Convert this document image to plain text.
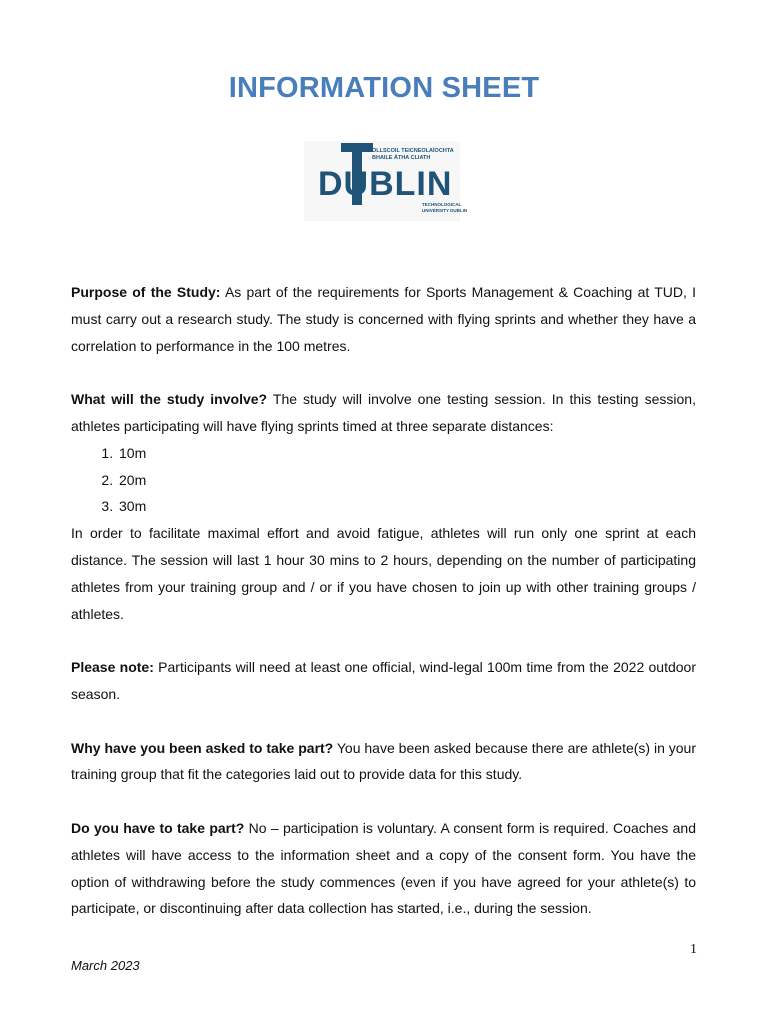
INFORMATION SHEET
OLLSCOIL TEICNEOLAÍOCHTA
BHAILE ÁTHA CLIATH
DUBLIN
TECHNOLOGICAL
UNIVERSITY DUBLIN

Purpose of the Study: As part of the requirements for Sports Management & Coaching at TUD, I must carry out a research study. The study is concerned with flying sprints and whether they have a correlation to performance in the 100 metres.

What will the study involve? The study will involve one testing session. In this testing session, athletes participating will have flying sprints timed at three separate distances:

1. 10m
2. 20m
3. 30m

In order to facilitate maximal effort and avoid fatigue, athletes will run only one sprint at each distance. The session will last 1 hour 30 mins to 2 hours, depending on the number of participating athletes from your training group and / or if you have chosen to join up with other training groups / athletes.

Please note: Participants will need at least one official, wind-legal 100m time from the 2022 outdoor season.

Why have you been asked to take part? You have been asked because there are athlete(s) in your training group that fit the categories laid out to provide data for this study.

Do you have to take part? No – participation is voluntary. A consent form is required. Coaches and athletes will have access to the information sheet and a copy of the consent form. You have the option of withdrawing before the study commences (even if you have agreed for your athlete(s) to participate, or discontinuing after data collection has started, i.e., during the session.

1
March 2023
